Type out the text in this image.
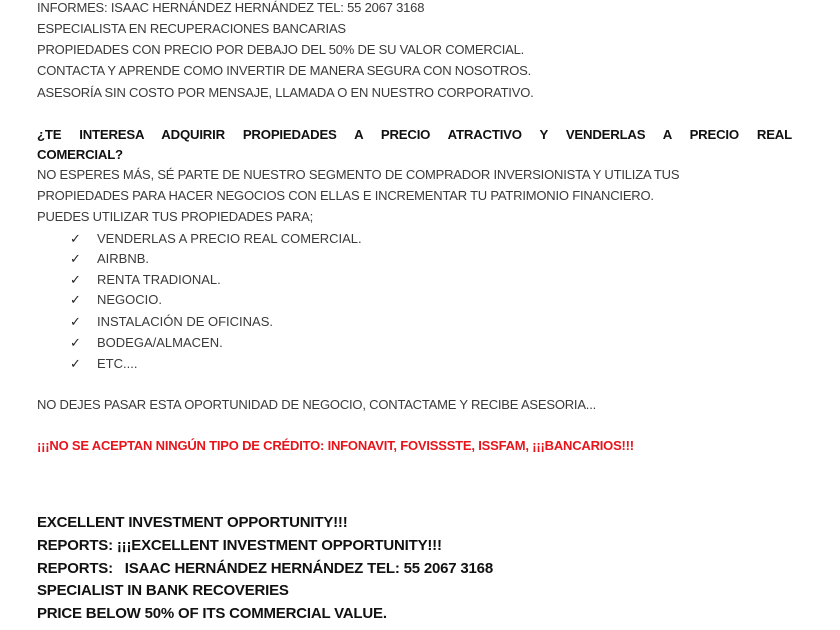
INFORMES: ISAAC HERNÁNDEZ HERNÁNDEZ TEL: 55 2067 3168
ESPECIALISTA EN RECUPERACIONES BANCARIAS
PROPIEDADES CON PRECIO POR DEBAJO DEL 50% DE SU VALOR COMERCIAL.
CONTACTA Y APRENDE COMO INVERTIR DE MANERA SEGURA CON NOSOTROS.
ASESORÍA SIN COSTO POR MENSAJE, LLAMADA O EN NUESTRO CORPORATIVO.
¿TE INTERESA ADQUIRIR PROPIEDADES A PRECIO ATRACTIVO Y VENDERLAS A PRECIO REAL
COMERCIAL?
NO ESPERES MÁS, SÉ PARTE DE NUESTRO SEGMENTO DE COMPRADOR INVERSIONISTA Y UTILIZA TUS
PROPIEDADES PARA HACER NEGOCIOS CON ELLAS E INCREMENTAR TU PATRIMONIO FINANCIERO.
PUEDES UTILIZAR TUS PROPIEDADES PARA;
✓ VENDERLAS A PRECIO REAL COMERCIAL.
✓ AIRBNB.
✓ RENTA TRADIONAL.
✓ NEGOCIO.
✓ INSTALACIÓN DE OFICINAS.
✓ BODEGA/ALMACEN.
✓ ETC....
NO DEJES PASAR ESTA OPORTUNIDAD DE NEGOCIO, CONTACTAME Y RECIBE ASESORIA...
¡¡¡NO SE ACEPTAN NINGÚN TIPO DE CRÉDITO: INFONAVIT, FOVISSSTE, ISSFAM, ¡¡¡BANCARIOS!!!
EXCELLENT INVESTMENT OPPORTUNITY!!!
REPORTS: ¡¡¡EXCELLENT INVESTMENT OPPORTUNITY!!!
REPORTS:   ISAAC HERNÁNDEZ HERNÁNDEZ TEL: 55 2067 3168
SPECIALIST IN BANK RECOVERIES
PRICE BELOW 50% OF ITS COMMERCIAL VALUE.
